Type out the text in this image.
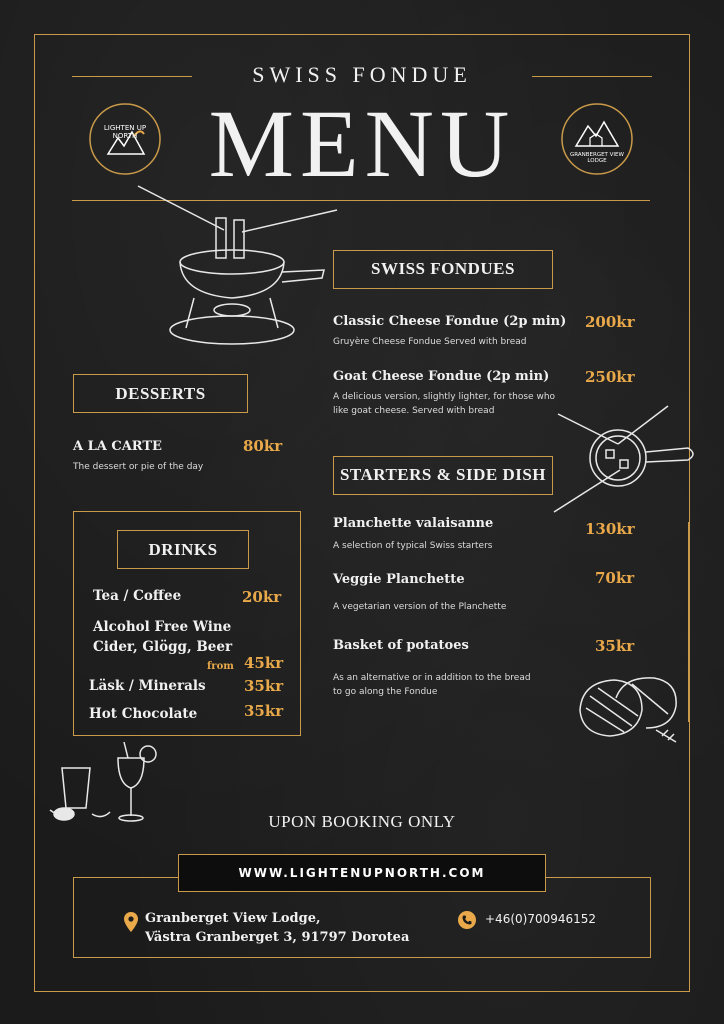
SWISS FONDUE
MENU
LIGHTEN UP NORTH
GRANBERGET VIEW LODGE
SWISS FONDUES
Classic Cheese Fondue (2p min)	200kr
Gruyère Cheese Fondue Served with bread
Goat Cheese Fondue (2p min)	250kr
A delicious version, slightly lighter, for those who like goat cheese. Served with bread
DESSERTS
A LA CARTE	80kr
The dessert or pie of the day	STARTERS & SIDE DISH
Planchette valaisanne	130kr
A selection of typical Swiss starters
Veggie Planchette	70kr
A vegetarian version of the Planchette
Basket of potatoes	35kr
As an alternative or in addition to the bread to go along the Fondue
DRINKS
Tea / Coffee	20kr
Alcohol Free Wine
Cider, Glögg, Beer
from 45kr
Läsk / Minerals	35kr
Hot Chocolate	35kr
UPON BOOKING ONLY
WWW.LIGHTENUPNORTH.COM
Granberget View Lodge,
Västra Granberget 3, 91797 Dorotea
+46(0)700946152
